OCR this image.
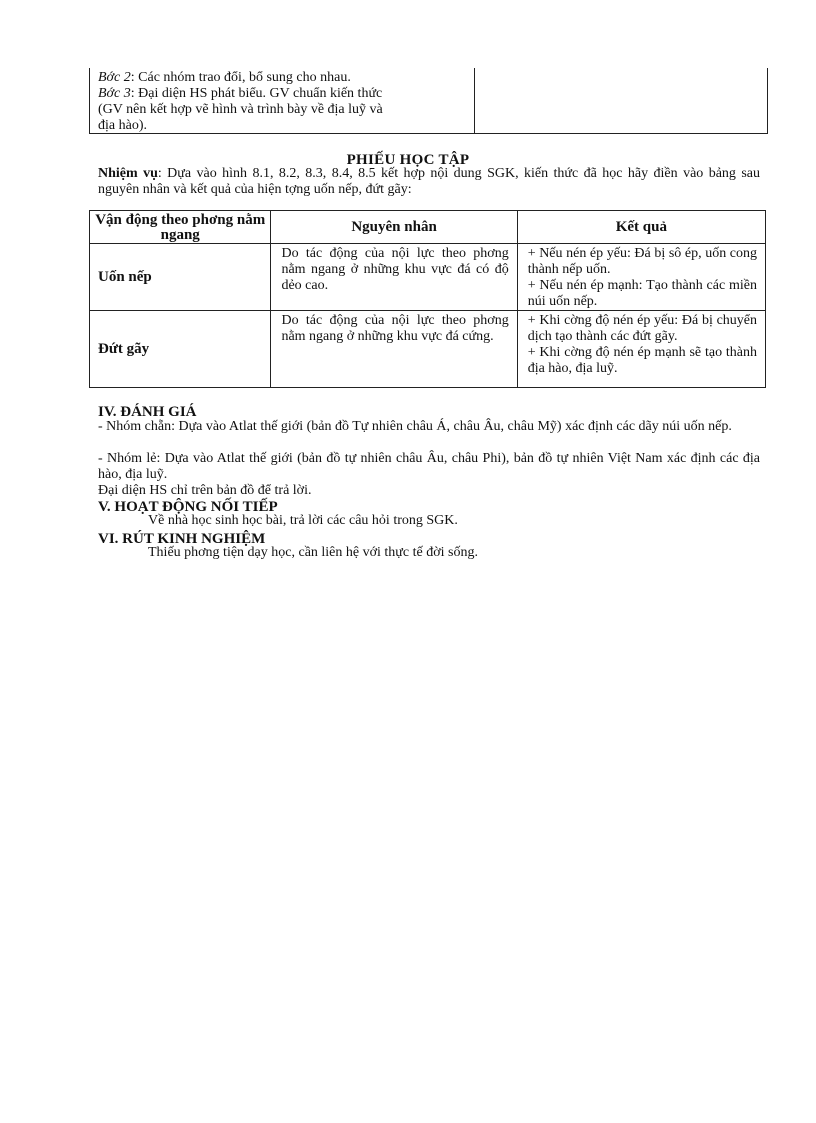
Bớc 2: Các nhóm trao đổi, bổ sung cho nhau.
Bớc 3: Đại diện HS phát biểu. GV chuẩn kiến thức
(GV nên kết hợp vẽ hình và trình bày về địa luỹ và
địa hào).
PHIẾU HỌC TẬP
Nhiệm vụ: Dựa vào hình 8.1, 8.2, 8.3, 8.4, 8.5 kết hợp nội dung SGK, kiến thức đã học hãy điền vào bảng sau nguyên nhân và kết quả của hiện tợng uốn nếp, đứt gãy:
Vận động theo phơng nằm ngang	Nguyên nhân	Kết quả
Uốn nếp	Do tác động của nội lực theo phơng nằm ngang ở những khu vực đá có độ dẻo cao.	+ Nếu nén ép yếu: Đá bị sô ép, uốn cong thành nếp uốn.
+ Nếu nén ép mạnh: Tạo thành các miền núi uốn nếp.

Đứt gãy	Do tác động của nội lực theo phơng nằm ngang ở những khu vực đá cứng.	+ Khi cờng độ nén ép yếu: Đá bị chuyển dịch tạo thành các đứt gãy.
+ Khi cờng độ nén ép mạnh sẽ tạo thành địa hào, địa luỹ.
IV. ĐÁNH GIÁ
- Nhóm chẵn: Dựa vào Atlat thế giới (bản đồ Tự nhiên châu Á, châu Âu, châu Mỹ) xác định các dãy núi uốn nếp.
- Nhóm lẻ: Dựa vào Atlat thế giới (bản đồ tự nhiên châu Âu, châu Phi), bản đồ tự nhiên Việt Nam xác định các địa hào, địa luỹ.
Đại diện HS chỉ trên bản đồ để trả lời.
V. HOẠT ĐỘNG NỐI TIẾP
Về nhà học sinh học bài, trả lời các câu hỏi trong SGK.
VI. RÚT KINH NGHIỆM
Thiếu phơng tiện dạy học, cần liên hệ với thực tế đời sống.
